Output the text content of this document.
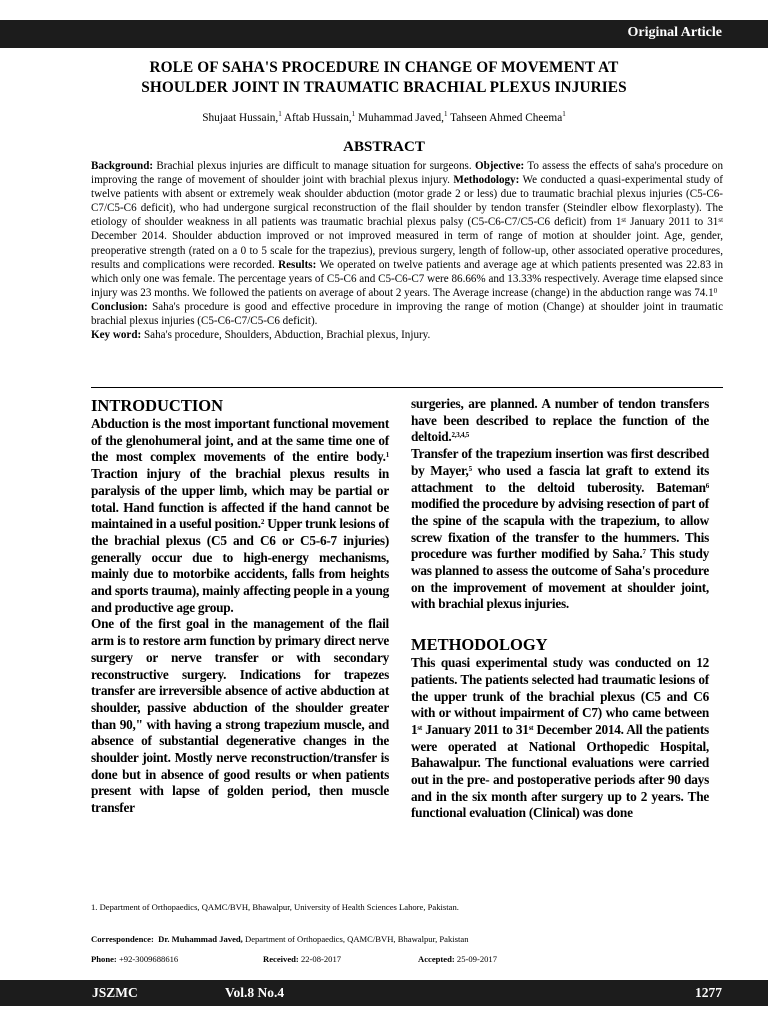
Original Article
ROLE OF SAHA'S PROCEDURE IN CHANGE OF MOVEMENT AT
SHOULDER JOINT IN TRAUMATIC BRACHIAL PLEXUS INJURIES
Shujaat Hussain,$^1$ Aftab Hussain,$^1$ Muhammad Javed,$^1$ Tahseen Ahmed Cheema$^1$
ABSTRACT

Background: Brachial plexus injuries are difficult to manage situation for surgeons. Objective: To assess the effects of saha's procedure on improving the range of movement of shoulder joint with brachial plexus injury. Methodology: We conducted a quasi-experimental study of twelve patients with absent or extremely weak shoulder abduction (motor grade 2 or less) due to traumatic brachial plexus injuries (C5-C6-C7/C5-C6 deficit), who had undergone surgical reconstruction of the flail shoulder by tendon transfer (Steindler elbow flexorplasty). The etiology of shoulder weakness in all patients was traumatic brachial plexus palsy (C5-C6-C7/C5-C6 deficit) from 1st January 2011 to 31st December 2014. Shoulder abduction improved or not improved measured in term of range of motion at shoulder joint. Age, gender, preoperative strength (rated on a 0 to 5 scale for the trapezius), previous surgery, length of follow-up, other associated operative procedures, results and complications were recorded. Results: We operated on twelve patients and average age at which patients presented was 22.83 in which only one was female. The percentage years of C5-C6 and C5-C6-C7 were 86.66% and 13.33% respectively. Average time elapsed since injury was 23 months. We followed the patients on average of about 2 years. The Average increase (change) in the abduction range was 74.1$^0$

Conclusion: Saha's procedure is good and effective procedure in improving the range of motion (Change) at shoulder joint in traumatic brachial plexus injuries (C5-C6-C7/C5-C6 deficit).

Key word: Saha's procedure, Shoulders, Abduction, Brachial plexus, Injury.

INTRODUCTION

Abduction is the most important functional movement of the glenohumeral joint, and at the same time one of the most complex movements of the entire body.$^1$ Traction injury of the brachial plexus results in paralysis of the upper limb, which may be partial or total. Hand function is affected if the hand cannot be maintained in a useful position.$^2$ Upper trunk lesions of the brachial plexus (C5 and C6 or C5-6-7 injuries) generally occur due to high-energy mechanisms, mainly due to motorbike accidents, falls from heights and sports trauma), mainly affecting people in a young and productive age group.

One of the first goal in the management of the flail arm is to restore arm function by primary direct nerve surgery or nerve transfer or with secondary reconstructive surgery. Indications for trapezes transfer are irreversible absence of active abduction at shoulder, passive abduction of the shoulder greater than 90," with having a strong trapezium muscle, and absence of substantial degenerative changes in the shoulder joint. Mostly nerve reconstruction/transfer is done but in absence of good results or when patients present with lapse of golden period, then muscle transfer

surgeries, are planned. A number of tendon transfers have been described to replace the function of the deltoid.$^{2,3,4,5}$

Transfer of the trapezium insertion was first described by Mayer,$^5$ who used a fascia lat graft to extend its attachment to the deltoid tuberosity. Bateman$^6$ modified the procedure by advising resection of part of the spine of the scapula with the trapezium, to allow screw fixation of the transfer to the hummers. This procedure was further modified by Saha.$^7$ This study was planned to assess the outcome of Saha's procedure on the improvement of movement at shoulder joint, with brachial plexus injuries.

METHODOLOGY

This quasi experimental study was conducted on 12 patients. The patients selected had traumatic lesions of the upper trunk of the brachial plexus (C5 and C6 with or without impairment of C7) who came between 1st January 2011 to 31st December 2014. All the patients were operated at National Orthopedic Hospital, Bahawalpur. The functional evaluations were carried out in the pre- and postoperative periods after 90 days and in the six month after surgery up to 2 years. The functional evaluation (Clinical) was done

1. Department of Orthopaedics, QAMC/BVH, Bhawalpur, University of Health Sciences Lahore, Pakistan.
Correspondence: Dr. Muhammad Javed, Department of Orthopaedics, QAMC/BVH, Bhawalpur, Pakistan
Phone: +92-3009688616	Received: 22-08-2017	Accepted: 25-09-2017
JSZMC	Vol.8 No.4	1277
